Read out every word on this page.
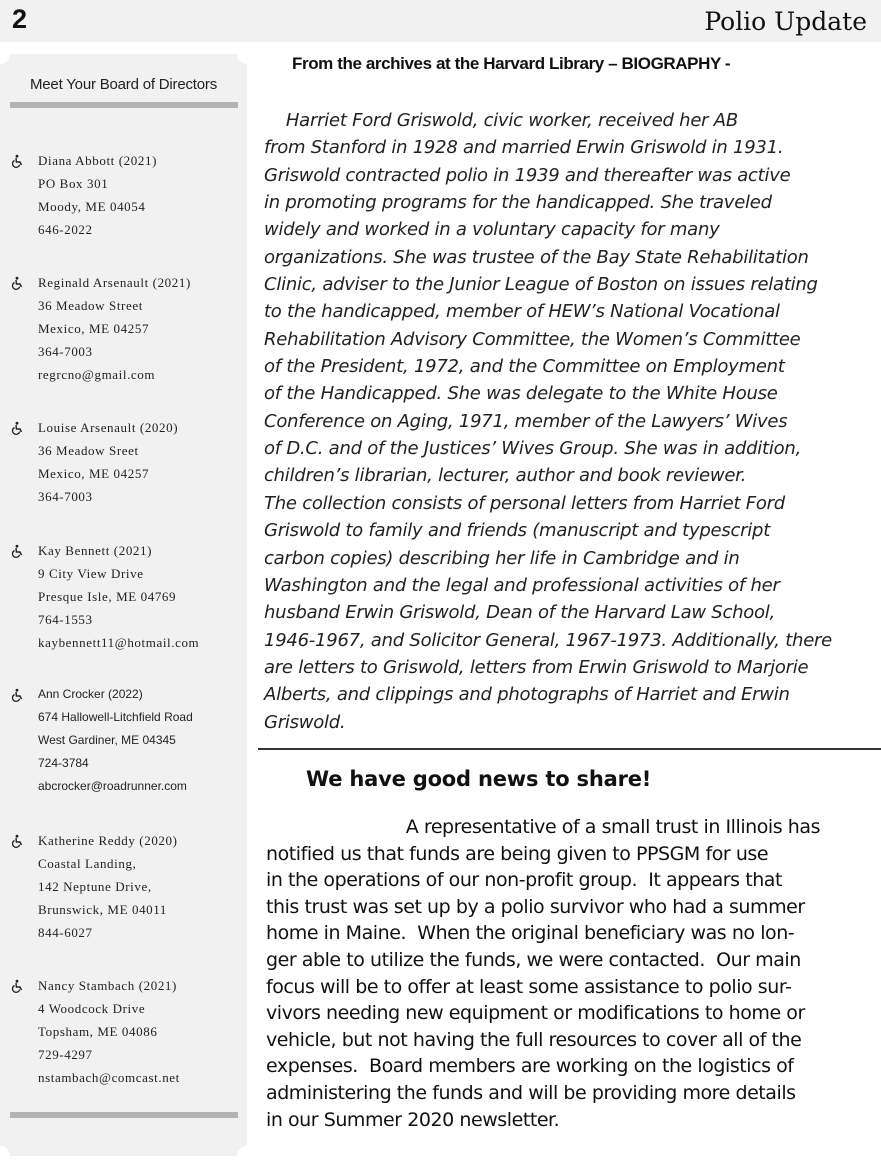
2	Polio Update
Meet Your Board of Directors
Diana Abbott (2021)
PO Box 301
Moody, ME 04054
646-2022
Reginald Arsenault (2021)
36 Meadow Street
Mexico, ME 04257
364-7003
regrcno@gmail.com
Louise Arsenault (2020)
36 Meadow Sreet
Mexico, ME 04257
364-7003
Kay Bennett (2021)
9 City View Drive
Presque Isle, ME 04769
764-1553
kaybennett11@hotmail.com
Ann Crocker (2022)
674 Hallowell-Litchfield Road
West Gardiner, ME 04345
724-3784
abcrocker@roadrunner.com
Katherine Reddy (2020)
Coastal Landing,
142 Neptune Drive,
Brunswick, ME 04011
844-6027
Nancy Stambach (2021)
4 Woodcock Drive
Topsham, ME 04086
729-4297
nstambach@comcast.net
From the archives at the Harvard Library – BIOGRAPHY -
Harriet Ford Griswold, civic worker, received her AB
from Stanford in 1928 and married Erwin Griswold in 1931.
Griswold contracted polio in 1939 and thereafter was active
in promoting programs for the handicapped. She traveled
widely and worked in a voluntary capacity for many
organizations. She was trustee of the Bay State Rehabilitation
Clinic, adviser to the Junior League of Boston on issues relating
to the handicapped, member of HEW’s National Vocational
Rehabilitation Advisory Committee, the Women’s Committee
of the President, 1972, and the Committee on Employment
of the Handicapped. She was delegate to the White House
Conference on Aging, 1971, member of the Lawyers’ Wives
of D.C. and of the Justices’ Wives Group. She was in addition,
children’s librarian, lecturer, author and book reviewer.
The collection consists of personal letters from Harriet Ford
Griswold to family and friends (manuscript and typescript
carbon copies) describing her life in Cambridge and in
Washington and the legal and professional activities of her
husband Erwin Griswold, Dean of the Harvard Law School,
1946-1967, and Solicitor General, 1967-1973. Additionally, there
are letters to Griswold, letters from Erwin Griswold to Marjorie
Alberts, and clippings and photographs of Harriet and Erwin
Griswold.
We have good news to share!
A representative of a small trust in Illinois has
notified us that funds are being given to PPSGM for use
in the operations of our non-profit group.  It appears that
this trust was set up by a polio survivor who had a summer
home in Maine.  When the original beneficiary was no lon-
ger able to utilize the funds, we were contacted.  Our main
focus will be to offer at least some assistance to polio sur-
vivors needing new equipment or modifications to home or
vehicle, but not having the full resources to cover all of the
expenses.  Board members are working on the logistics of
administering the funds and will be providing more details
in our Summer 2020 newsletter.
